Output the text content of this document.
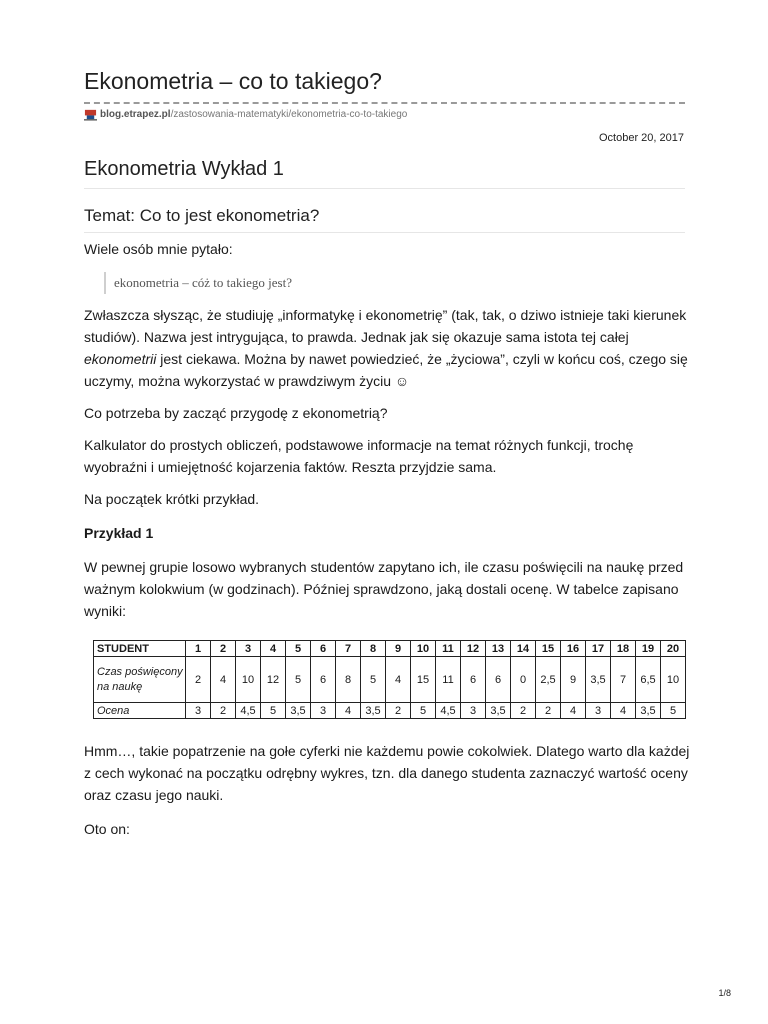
Ekonometria – co to takiego?
blog.etrapez.pl /zastosowania-matematyki/ekonometria-co-to-takiego
October 20, 2017
Ekonometria Wykład 1
Temat: Co to jest ekonometria?

Wiele osób mnie pytało:

ekonometria – cóż to takiego jest?

Zwłaszcza słysząc, że studiuję „informatykę i ekonometrię” (tak, tak, o dziwo istnieje taki kierunek studiów). Nazwa jest intrygująca, to prawda. Jednak jak się okazuje sama istota tej całej ekonometrii jest ciekawa. Można by nawet powiedzieć, że „życiowa”, czyli w końcu coś, czego się uczymy, można wykorzystać w prawdziwym życiu ☺

Co potrzeba by zacząć przygodę z ekonometrią?

Kalkulator do prostych obliczeń, podstawowe informacje na temat różnych funkcji, trochę wyobraźni i umiejętność kojarzenia faktów. Reszta przyjdzie sama.

Na początek krótki przykład.

Przykład 1

W pewnej grupie losowo wybranych studentów zapytano ich, ile czasu poświęcili na naukę przed ważnym kolokwium (w godzinach). Później sprawdzono, jaką dostali ocenę. W tabelce zapisano wyniki:

STUDENT	1	2	3	4	5	6	7	8	9	10	11	12	13	14	15	16	17	18	19	20
Czas poświęcony na naukę	2	4	10	12	5	6	8	5	4	15	11	6	6	0	2,5	9	3,5	7	6,5	10
Ocena	3	2	4,5	5	3,5	3	4	3,5	2	5	4,5	3	3,5	2	2	4	3	4	3,5	5

Hmm…, takie popatrzenie na gołe cyferki nie każdemu powie cokolwiek. Dlatego warto dla każdej z cech wykonać na początku odrębny wykres, tzn. dla danego studenta zaznaczyć wartość oceny oraz czasu jego nauki.

Oto on:

1/8
